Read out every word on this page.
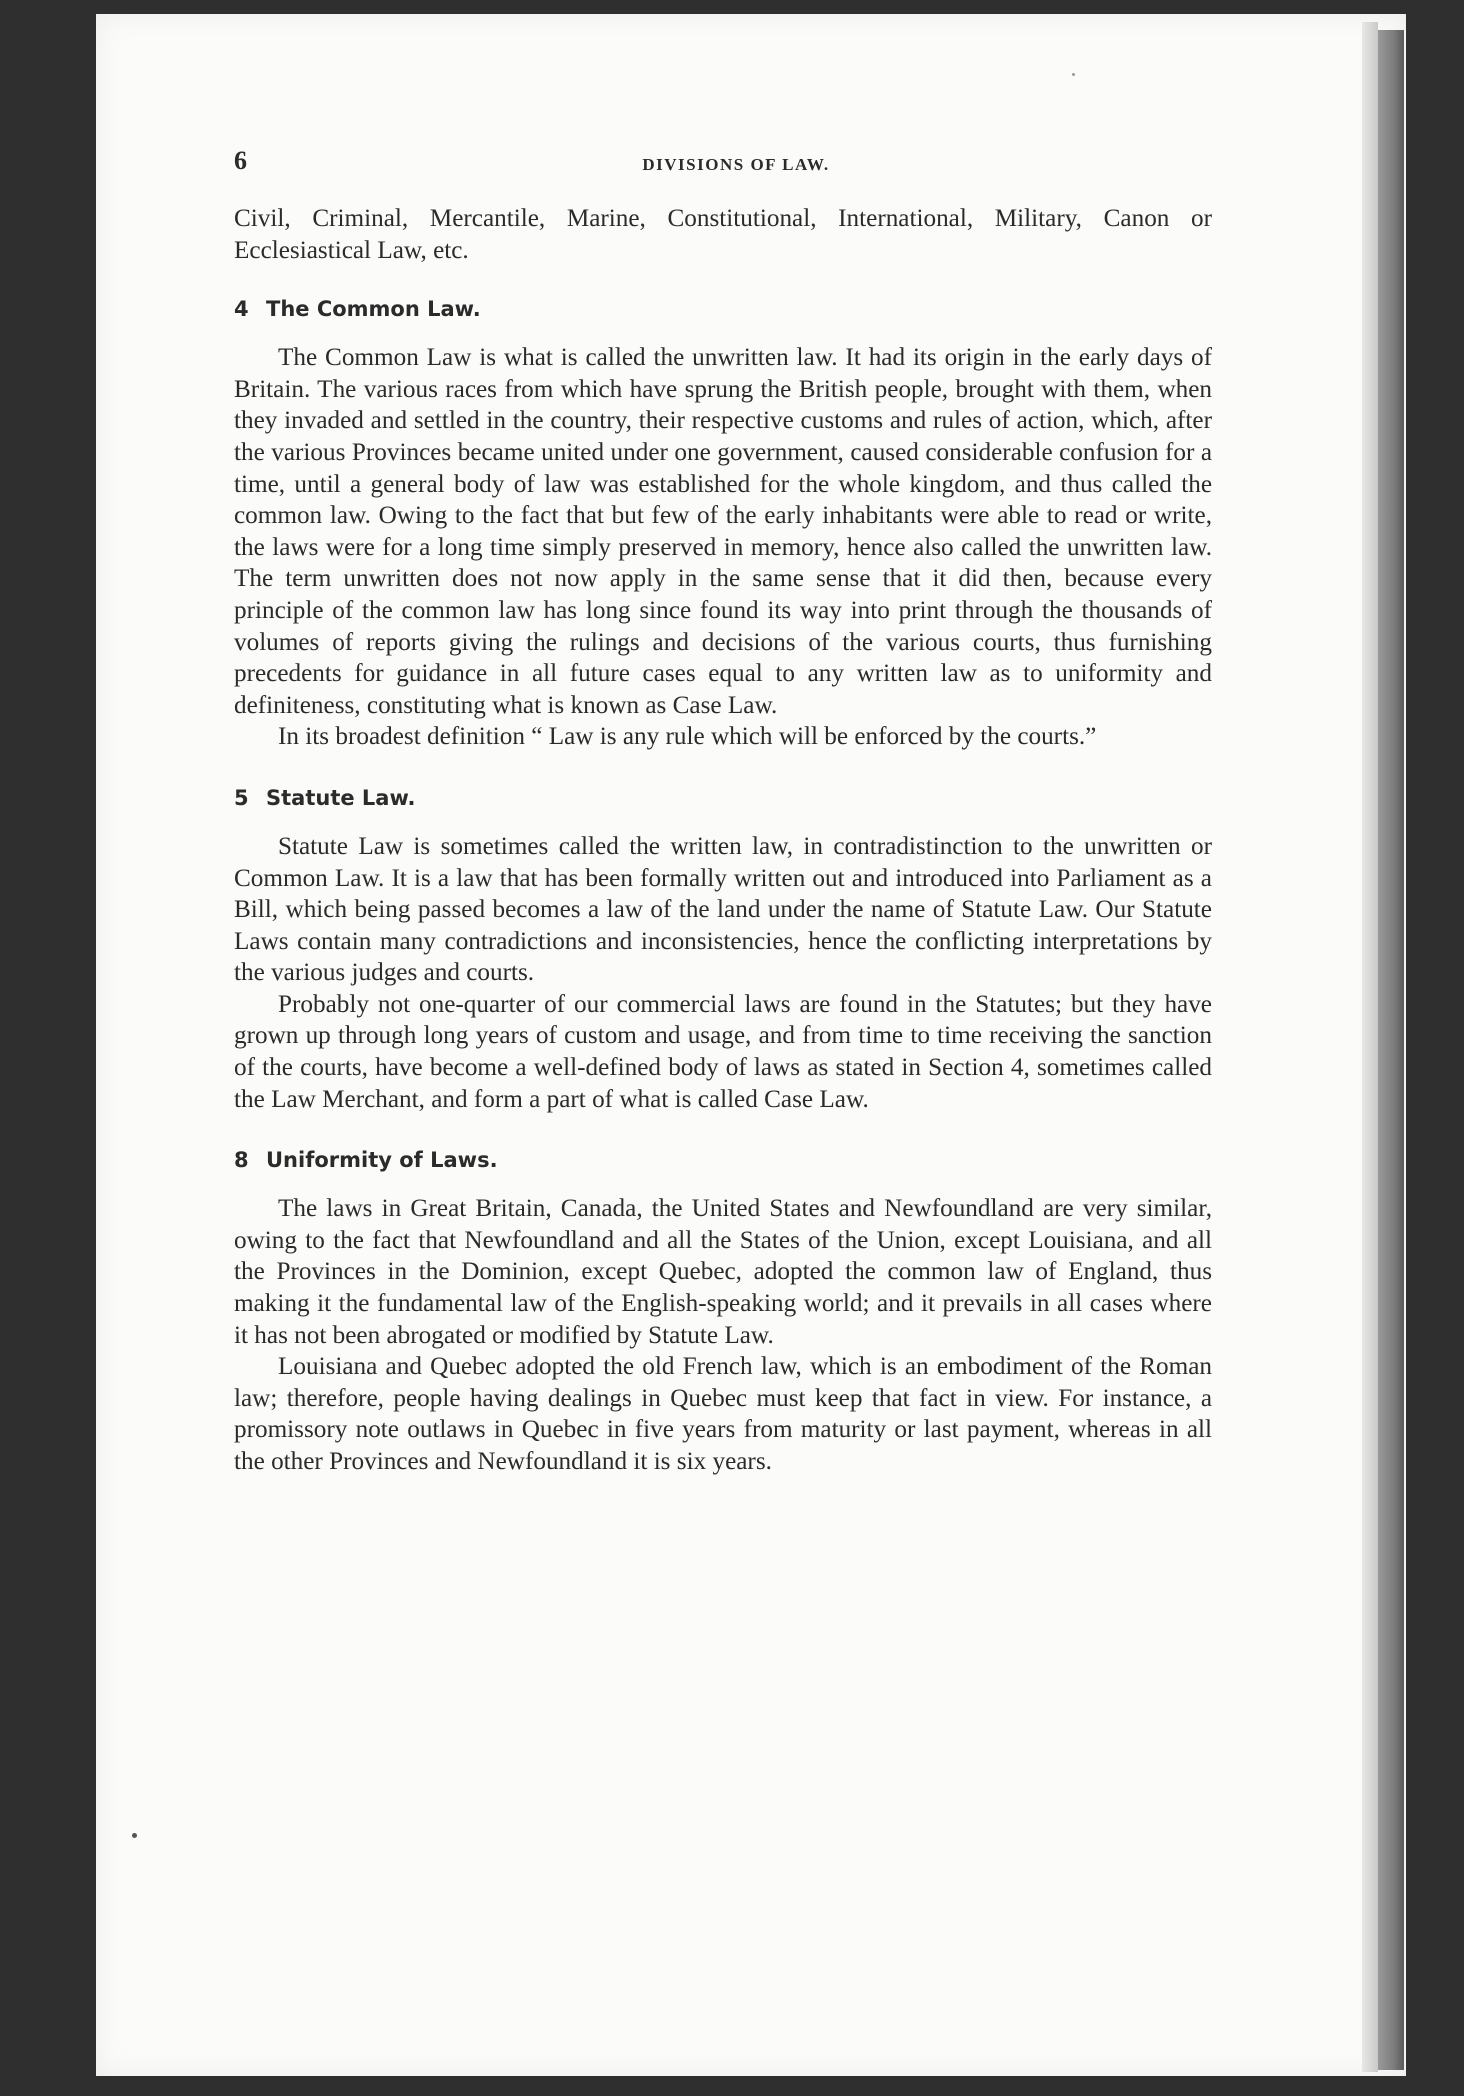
6	DIVISIONS OF LAW.

Civil, Criminal, Mercantile, Marine, Constitutional, International, Military, Canon or Ecclesiastical Law, etc.

4 The Common Law.

The Common Law is what is called the unwritten law. It had its origin in the early days of Britain. The various races from which have sprung the British people, brought with them, when they invaded and settled in the country, their respective customs and rules of action, which, after the various Provinces became united under one government, caused considerable confusion for a time, until a general body of law was established for the whole kingdom, and thus called the common law. Owing to the fact that but few of the early inhabitants were able to read or write, the laws were for a long time simply preserved in memory, hence also called the unwritten law. The term unwritten does not now apply in the same sense that it did then, because every principle of the common law has long since found its way into print through the thousands of volumes of reports giving the rulings and decisions of the various courts, thus furnishing precedents for guidance in all future cases equal to any written law as to uniformity and definiteness, constituting what is known as Case Law.

In its broadest definition “ Law is any rule which will be enforced by the courts.”

5 Statute Law.

Statute Law is sometimes called the written law, in contradistinction to the unwritten or Common Law. It is a law that has been formally written out and introduced into Parliament as a Bill, which being passed becomes a law of the land under the name of Statute Law. Our Statute Laws contain many contradictions and inconsistencies, hence the conflicting interpretations by the various judges and courts.

Probably not one-quarter of our commercial laws are found in the Statutes; but they have grown up through long years of custom and usage, and from time to time receiving the sanction of the courts, have become a well-defined body of laws as stated in Section 4, sometimes called the Law Merchant, and form a part of what is called Case Law.

8 Uniformity of Laws.

The laws in Great Britain, Canada, the United States and Newfoundland are very similar, owing to the fact that Newfoundland and all the States of the Union, except Louisiana, and all the Provinces in the Dominion, except Quebec, adopted the common law of England, thus making it the fundamental law of the English-speaking world; and it prevails in all cases where it has not been abrogated or modified by Statute Law.

Louisiana and Quebec adopted the old French law, which is an embodiment of the Roman law; therefore, people having dealings in Quebec must keep that fact in view. For instance, a promissory note outlaws in Quebec in five years from maturity or last payment, whereas in all the other Provinces and Newfoundland it is six years.
